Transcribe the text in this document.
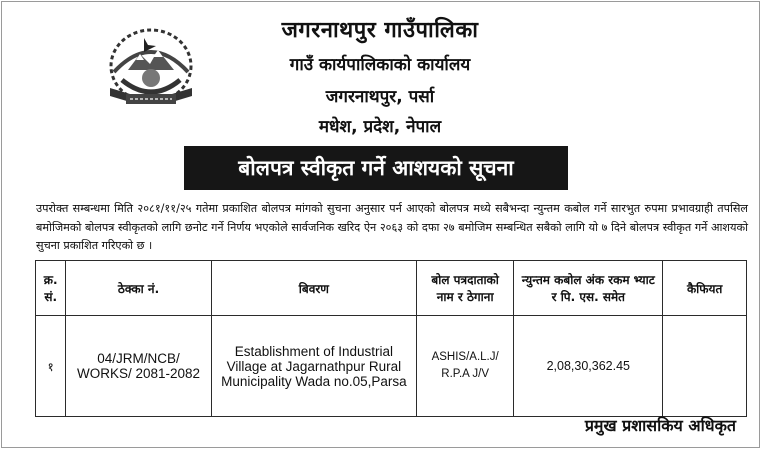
जगरनाथपुर गाउँपालिका
गाउँ कार्यपालिकाको कार्यालय
जगरनाथपुर, पर्सा
मधेश, प्रदेश, नेपाल
बोलपत्र स्वीकृत गर्ने आशयको सूचना
उपरोक्त सम्बन्धमा मिति २०८१/११/२५ गतेमा प्रकाशित बोलपत्र मांगको सुचना अनुसार पर्न आएको बोलपत्र मध्ये सबैभन्दा न्युन्तम कबोल गर्ने सारभुत रुपमा प्रभावग्राही तपसिल बमोजिमको बोलपत्र स्वीकृतको लागि छनोट गर्ने निर्णय भएकोले सार्वजनिक खरिद ऐन २०६३ को दफा २७ बमोजिम सम्बन्धित सबैको लागि यो ७ दिने बोलपत्र स्वीकृत गर्ने आशयको सुचना प्रकाशित गरिएको छ ।
क्र. सं.	ठेक्का नं.	बिवरण	बोल पत्रदाताको नाम र ठेगाना	न्युन्तम कबोल अंक रकम भ्याट र पि. एस. समेत	कैफियत
१	04/JRM/NCB/ WORKS/ 2081-2082	Establishment of Industrial Village at Jagarnathpur Rural Municipality Wada no.05,Parsa	ASHIS/A.L.J/ R.P.A J/V	2,08,30,362.45	
प्रमुख प्रशासकिय अधिकृत
